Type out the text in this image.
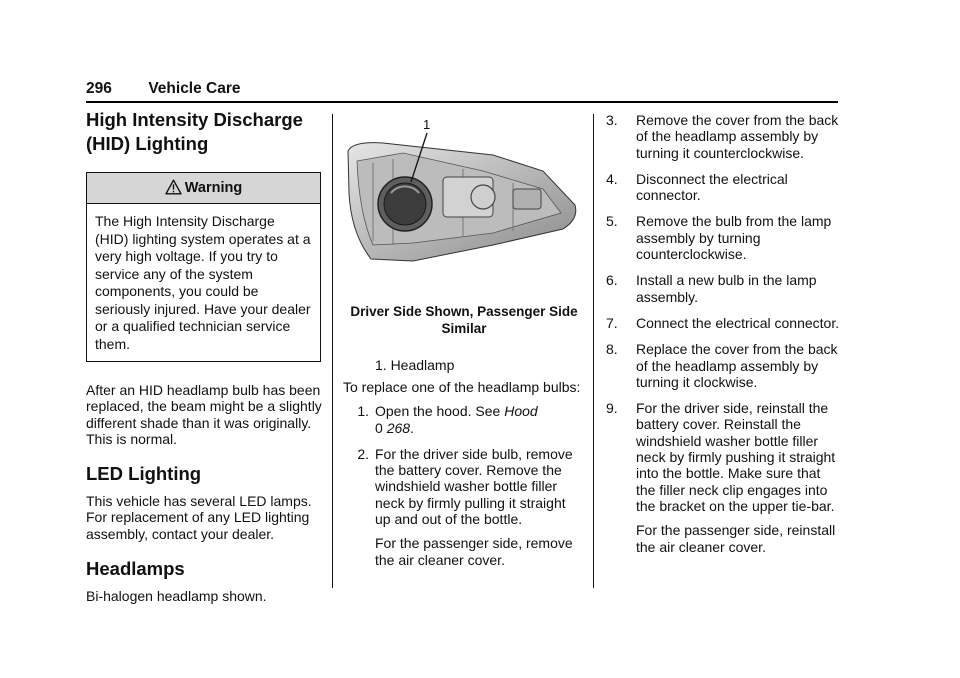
296 Vehicle Care
High Intensity Discharge (HID) Lighting
Warning
The High Intensity Discharge (HID) lighting system operates at a very high voltage. If you try to service any of the system components, you could be seriously injured. Have your dealer or a qualified technician service them.

After an HID headlamp bulb has been replaced, the beam might be a slightly different shade than it was originally. This is normal.

LED Lighting

This vehicle has several LED lamps. For replacement of any LED lighting assembly, contact your dealer.

Headlamps

Bi-halogen headlamp shown.

1
Driver Side Shown, Passenger Side Similar
1. Headlamp

To replace one of the headlamp bulbs:

1. Open the hood. See Hood
0 268.
2. For the driver side bulb, remove the battery cover. Remove the windshield washer bottle filler neck by firmly pulling it straight up and out of the bottle.

For the passenger side, remove the air cleaner cover.

3.	Remove the cover from the back of the headlamp assembly by turning it counterclockwise.
4.	Disconnect the electrical connector.
5.	Remove the bulb from the lamp assembly by turning counterclockwise.
6.	Install a new bulb in the lamp assembly.
7.	Connect the electrical connector.
8.	Replace the cover from the back of the headlamp assembly by turning it clockwise.
9.	For the driver side, reinstall the battery cover. Reinstall the windshield washer bottle filler neck by firmly pushing it straight into the bottle. Make sure that the filler neck clip engages into the bracket on the upper tie-bar.

For the passenger side, reinstall the air cleaner cover.
